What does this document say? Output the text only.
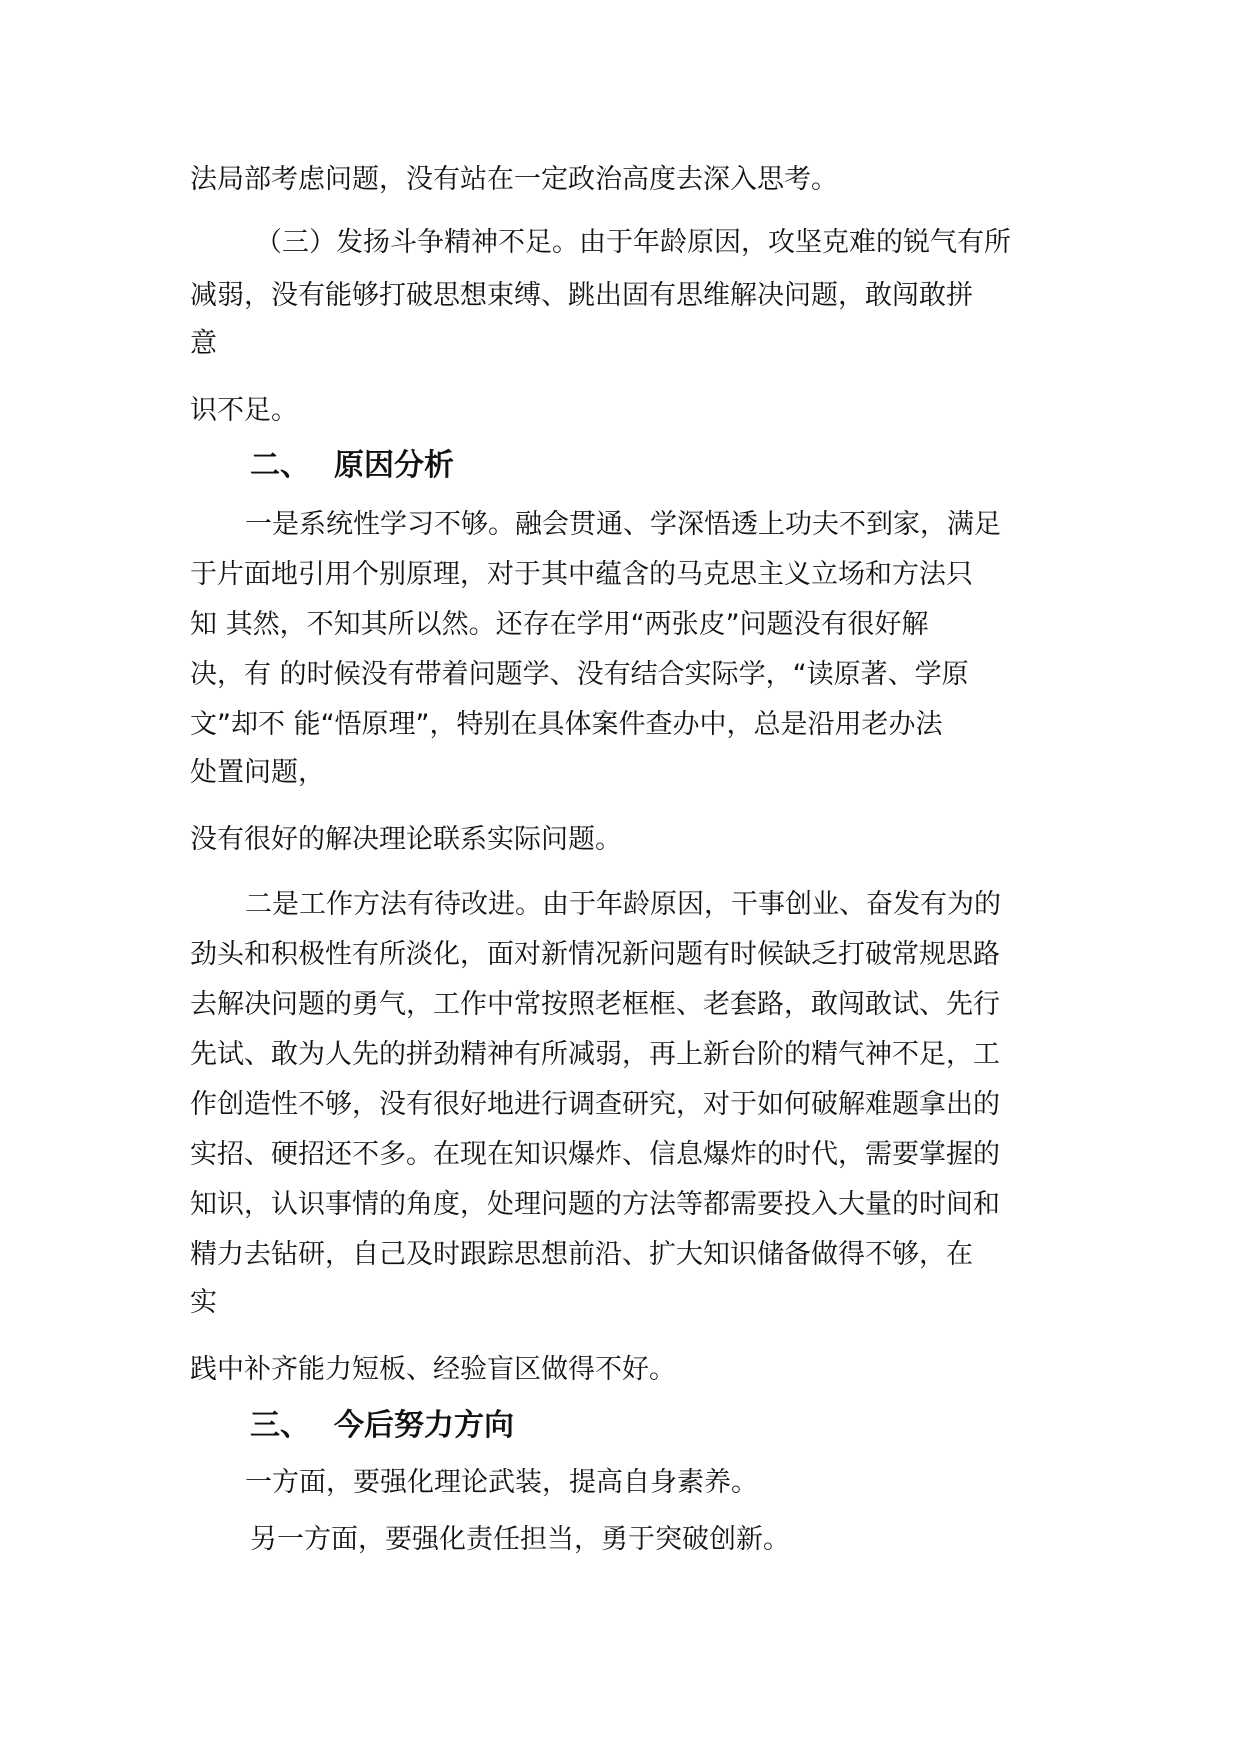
法局部考虑问题，没有站在一定政治高度去深入思考。
（三）发扬斗争精神不足。由于年龄原因，攻坚克难的锐气有所
减弱，没有能够打破思想束缚、跳出固有思维解决问题，敢闯敢拼
意
识不足。
二、 原因分析
一是系统性学习不够。融会贯通、学深悟透上功夫不到家，满足
于片面地引用个别原理，对于其中蕴含的马克思主义立场和方法只
知 其然，不知其所以然。还存在学用“两张皮”问题没有很好解
决，有 的时候没有带着问题学、没有结合实际学，“读原著、学原
文”却不 能“悟原理”，特别在具体案件查办中，总是沿用老办法
处置问题，
没有很好的解决理论联系实际问题。
二是工作方法有待改进。由于年龄原因，干事创业、奋发有为的
劲头和积极性有所淡化，面对新情况新问题有时候缺乏打破常规思路
去解决问题的勇气，工作中常按照老框框、老套路，敢闯敢试、先行
先试、敢为人先的拼劲精神有所减弱，再上新台阶的精气神不足，工
作创造性不够，没有很好地进行调查研究，对于如何破解难题拿出的
实招、硬招还不多。在现在知识爆炸、信息爆炸的时代，需要掌握的
知识，认识事情的角度，处理问题的方法等都需要投入大量的时间和
精力去钻研，自己及时跟踪思想前沿、扩大知识储备做得不够，在
实
践中补齐能力短板、经验盲区做得不好。
三、 今后努力方向
一方面，要强化理论武装，提高自身素养。
另一方面，要强化责任担当，勇于突破创新。
